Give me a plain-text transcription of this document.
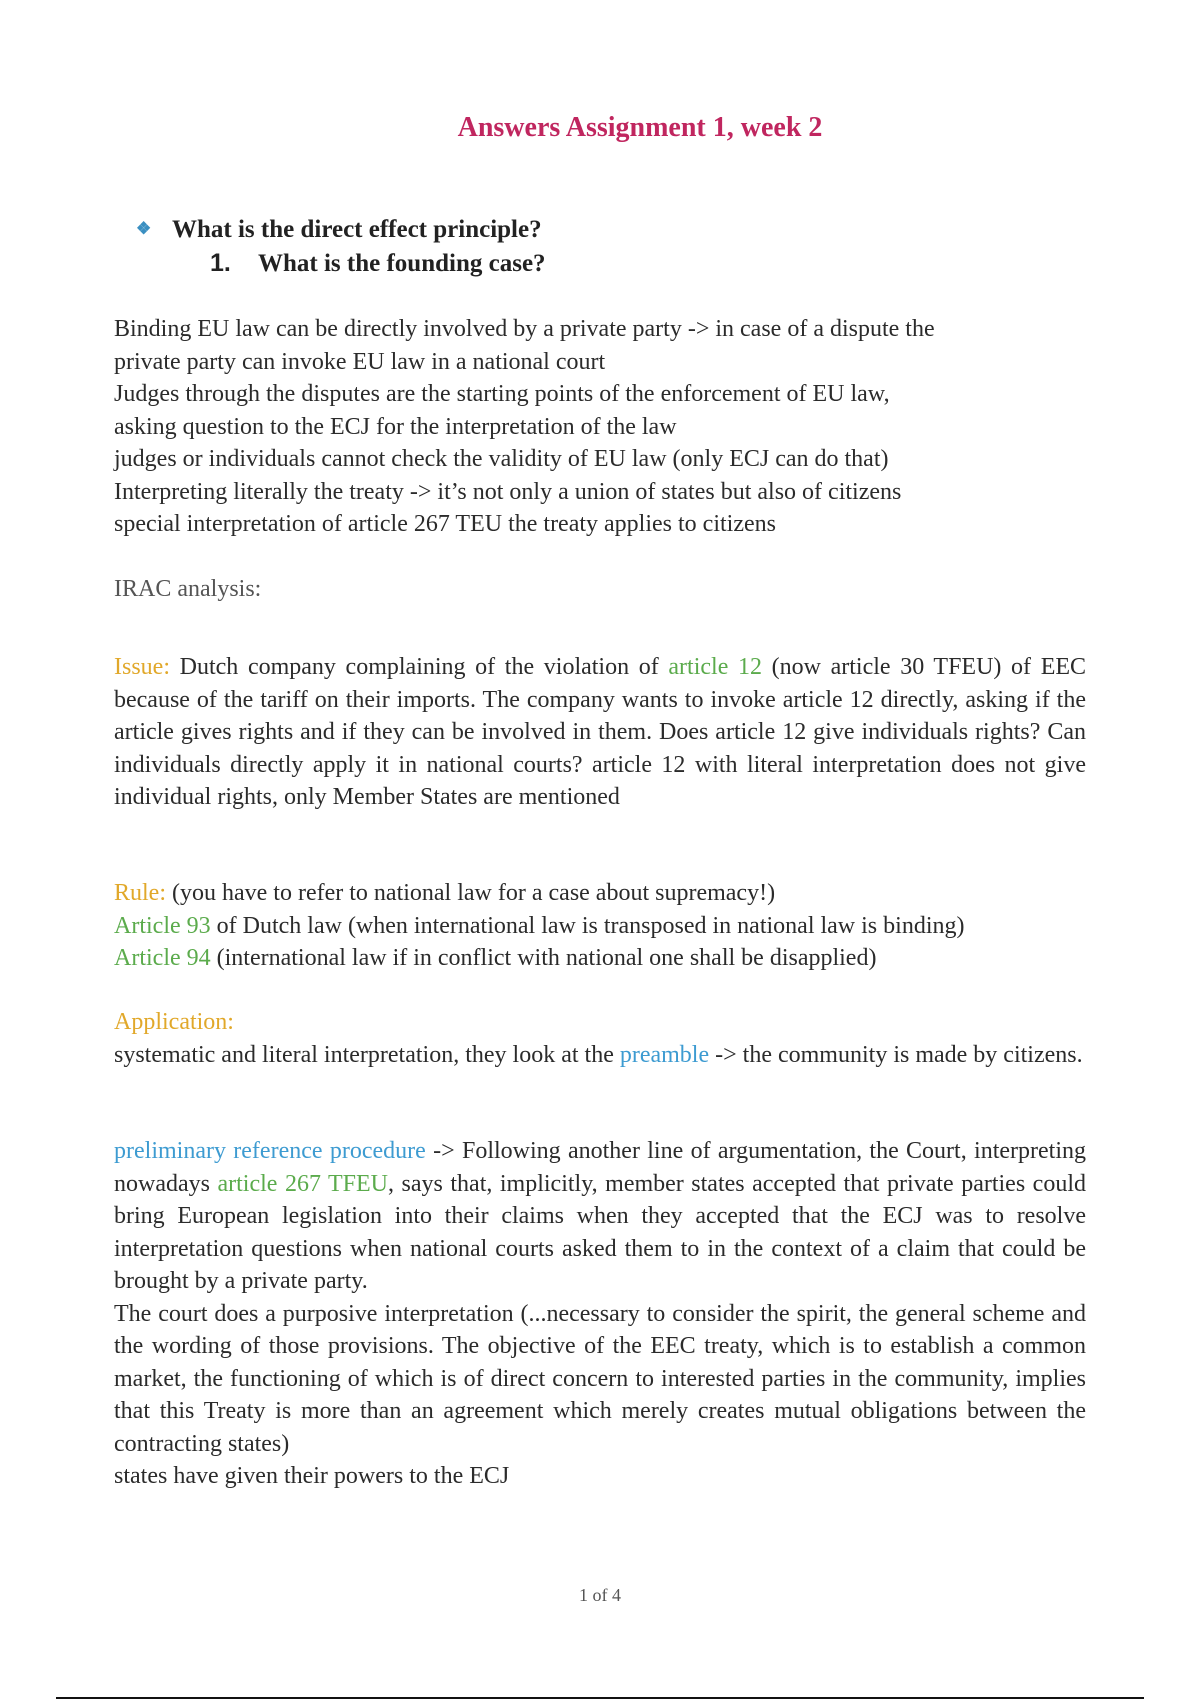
Answers Assignment 1, week 2
❖ What is the direct effect principle?
1. What is the founding case?

Binding EU law can be directly involved by a private party -> in case of a dispute the

private party can invoke EU law in a national court

Judges through the disputes are the starting points of the enforcement of EU law,

asking question to the ECJ for the interpretation of the law

judges or individuals cannot check the validity of EU law (only ECJ can do that)

Interpreting literally the treaty -> it’s not only a union of states but also of citizens

special interpretation of article 267 TEU the treaty applies to citizens

IRAC analysis:
Issue: Dutch company complaining of the violation of article 12 (now article 30 TFEU) of EEC because of the tariff on their imports. The company wants to invoke article 12 directly, asking if the article gives rights and if they can be involved in them. Does article 12 give individuals rights? Can individuals directly apply it in national courts? article 12 with literal interpretation does not give individual rights, only Member States are mentioned

Rule: (you have to refer to national law for a case about supremacy!)

Article 93 of Dutch law (when international law is transposed in national law is binding)

Article 94 (international law if in conflict with national one shall be disapplied)

Application:

systematic and literal interpretation, they look at the preamble -> the community is made by citizens.

preliminary reference procedure -> Following another line of argumentation, the Court, interpreting nowadays article 267 TFEU, says that, implicitly, member states accepted that private parties could bring European legislation into their claims when they accepted that the ECJ was to resolve interpretation questions when national courts asked them to in the context of a claim that could be brought by a private party.

The court does a purposive interpretation (...necessary to consider the spirit, the general scheme and the wording of those provisions. The objective of the EEC treaty, which is to establish a common market, the functioning of which is of direct concern to interested parties in the community, implies that this Treaty is more than an agreement which merely creates mutual obligations between the contracting states)

states have given their powers to the ECJ

1 of 4
